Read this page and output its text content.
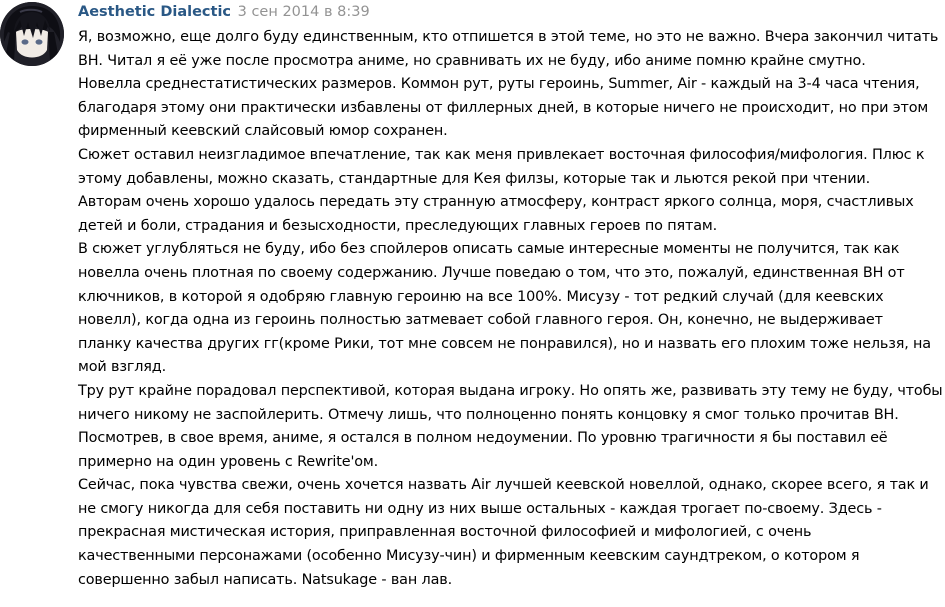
Aesthetic Dialectic 3 сен 2014 в 8:39
Я, возможно, еще долго буду единственным, кто отпишется в этой теме, но это не важно. Вчера закончил читать
ВН. Читал я её уже после просмотра аниме, но сравнивать их не буду, ибо аниме помню крайне смутно.
Новелла среднестатистических размеров. Коммон рут, руты героинь, Summer, Air - каждый на 3-4 часа чтения,
благодаря этому они практически избавлены от филлерных дней, в которые ничего не происходит, но при этом
фирменный кеевский слайсовый юмор сохранен.
Сюжет оставил неизгладимое впечатление, так как меня привлекает восточная философия/мифология. Плюс к
этому добавлены, можно сказать, стандартные для Кея филзы, которые так и льются рекой при чтении.
Авторам очень хорошо удалось передать эту странную атмосферу, контраст яркого солнца, моря, счастливых
детей и боли, страдания и безысходности, преследующих главных героев по пятам.
В сюжет углубляться не буду, ибо без спойлеров описать самые интересные моменты не получится, так как
новелла очень плотная по своему содержанию. Лучше поведаю о том, что это, пожалуй, единственная ВН от
ключников, в которой я одобряю главную героиню на все 100%. Мисузу - тот редкий случай (для кеевских
новелл), когда одна из героинь полностью затмевает собой главного героя. Он, конечно, не выдерживает
планку качества других гг(кроме Рики, тот мне совсем не понравился), но и назвать его плохим тоже нельзя, на
мой взгляд.
Тру рут крайне порадовал перспективой, которая выдана игроку. Но опять же, развивать эту тему не буду, чтобы
ничего никому не заспойлерить. Отмечу лишь, что полноценно понять концовку я смог только прочитав ВН.
Посмотрев, в свое время, аниме, я остался в полном недоумении. По уровню трагичности я бы поставил её
примерно на один уровень с Rewrite'ом.
Сейчас, пока чувства свежи, очень хочется назвать Air лучшей кеевской новеллой, однако, скорее всего, я так и
не смогу никогда для себя поставить ни одну из них выше остальных - каждая трогает по-своему. Здесь -
прекрасная мистическая история, приправленная восточной философией и мифологией, с очень
качественными персонажами (особенно Мисузу-чин) и фирменным кеевским саундтреком, о котором я
совершенно забыл написать. Natsukage - ван лав.
